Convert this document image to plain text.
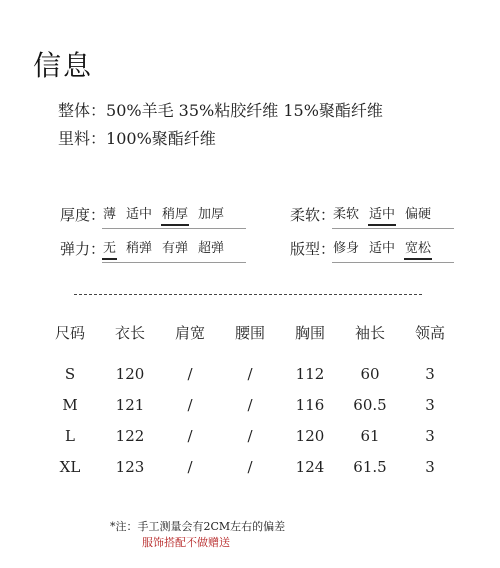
信息
整体：50%羊毛 35%粘胶纤维 15%聚酯纤维
里料：100%聚酯纤维
厚度：
薄 适中 稍厚 加厚	柔软：
柔软 适中 偏硬
弹力：
无 稍弹 有弹 超弹	版型：
修身 适中 宽松
尺码	衣长	肩宽	腰围	胸围	袖长	领高

S	120	/	/	112	60	3
M	121	/	/	116	60.5	3
L	122	/	/	120	61	3
XL	123	/	/	124	61.5	3
*注：手工测量会有2CM左右的偏差
服饰搭配不做赠送
